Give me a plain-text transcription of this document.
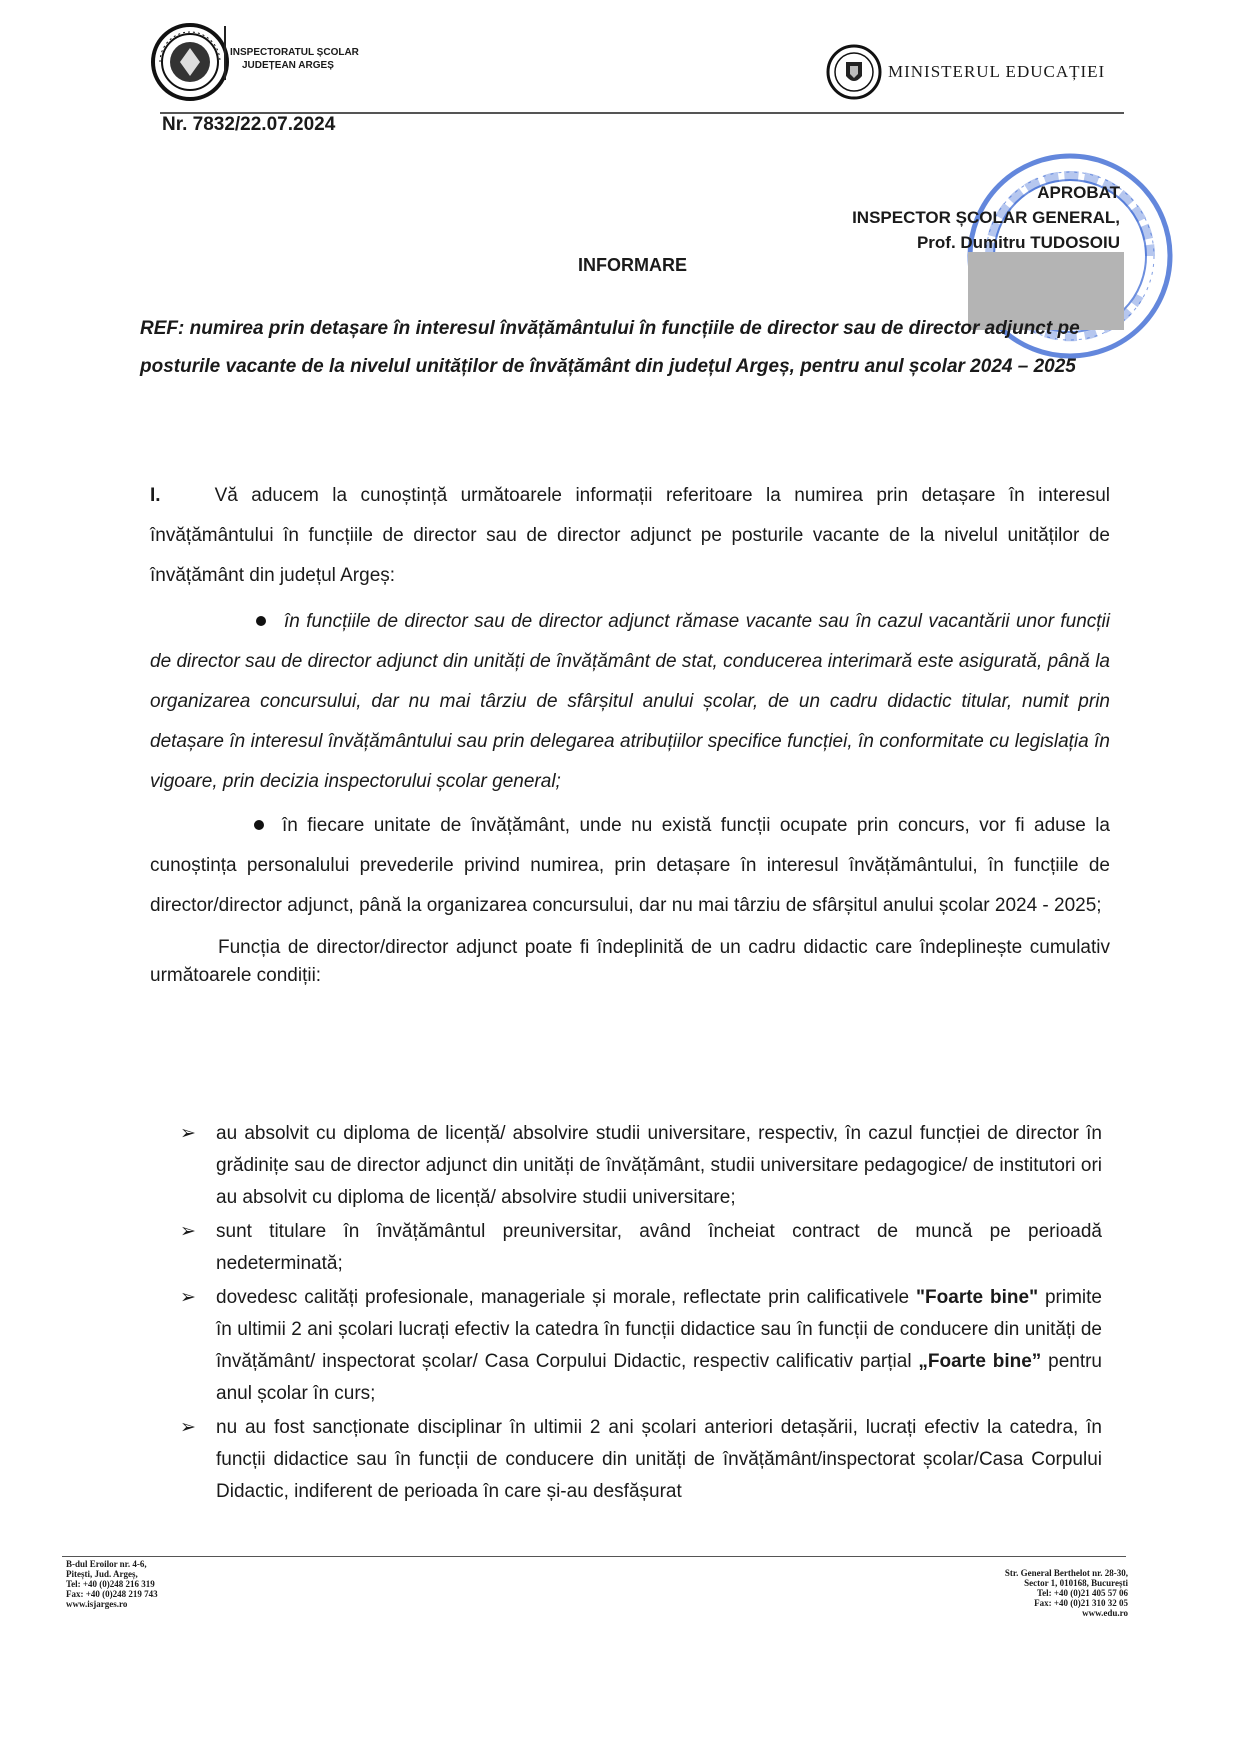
INSPECTORATUL ȘCOLAR
JUDEȚEAN ARGEȘ	MINISTERUL EDUCAȚIEI
Nr. 7832/22.07.2024
APROBAT
INSPECTOR ȘCOLAR GENERAL,
Prof. Dumitru TUDOSOIU
INFORMARE
REF: numirea prin detașare în interesul învățământului în funcțiile de director sau de director adjunct pe posturile vacante de la nivelul unităților de învățământ din județul Argeș, pentru anul școlar 2024 – 2025

I.	Vă aducem la cunoștință următoarele informații referitoare la numirea prin detașare în interesul învățământului în funcțiile de director sau de director adjunct pe posturile vacante de la nivelul unităților de învățământ din județul Argeș:

în funcțiile de director sau de director adjunct rămase vacante sau în cazul vacantării unor funcții de director sau de director adjunct din unități de învățământ de stat, conducerea interimară este asigurată, până la organizarea concursului, dar nu mai târziu de sfârșitul anului școlar, de un cadru didactic titular, numit prin detașare în interesul învățământului sau prin delegarea atribuțiilor specifice funcției, în conformitate cu legislația în vigoare, prin decizia inspectorului școlar general;

în fiecare unitate de învățământ, unde nu există funcții ocupate prin concurs, vor fi aduse la cunoștința personalului prevederile privind numirea, prin detașare în interesul învățământului, în funcțiile de director/director adjunct, până la organizarea concursului, dar nu mai târziu de sfârșitul anului școlar 2024 - 2025;

Funcția de director/director adjunct poate fi îndeplinită de un cadru didactic care îndeplinește cumulativ următoarele condiții:

➢ au absolvit cu diploma de licență/ absolvire studii universitare, respectiv, în cazul funcției de director în grădinițe sau de director adjunct din unități de învățământ, studii universitare pedagogice/ de institutori ori au absolvit cu diploma de licență/ absolvire studii universitare;

➢ sunt titulare în învățământul preuniversitar, având încheiat contract de muncă pe perioadă nedeterminată;

➢ dovedesc calități profesionale, manageriale și morale, reflectate prin calificativele "Foarte bine" primite în ultimii 2 ani școlari lucrați efectiv la catedra în funcții didactice sau în funcții de conducere din unități de învățământ/ inspectorat școlar/ Casa Corpului Didactic, respectiv calificativ parțial „Foarte bine” pentru anul școlar în curs;

➢ nu au fost sancționate disciplinar în ultimii 2 ani școlari anteriori detașării, lucrați efectiv la catedra, în funcții didactice sau în funcții de conducere din unități de învățământ/inspectorat școlar/Casa Corpului Didactic, indiferent de perioada în care și-au desfășurat

B-dul Eroilor nr. 4-6,
Pitești, Jud. Argeș,
Tel: +40 (0)248 216 319
Fax: +40 (0)248 219 743
www.isjarges.ro
Str. General Berthelot nr. 28-30,
Sector 1, 010168, București
Tel: +40 (0)21 405 57 06
Fax: +40 (0)21 310 32 05
www.edu.ro
